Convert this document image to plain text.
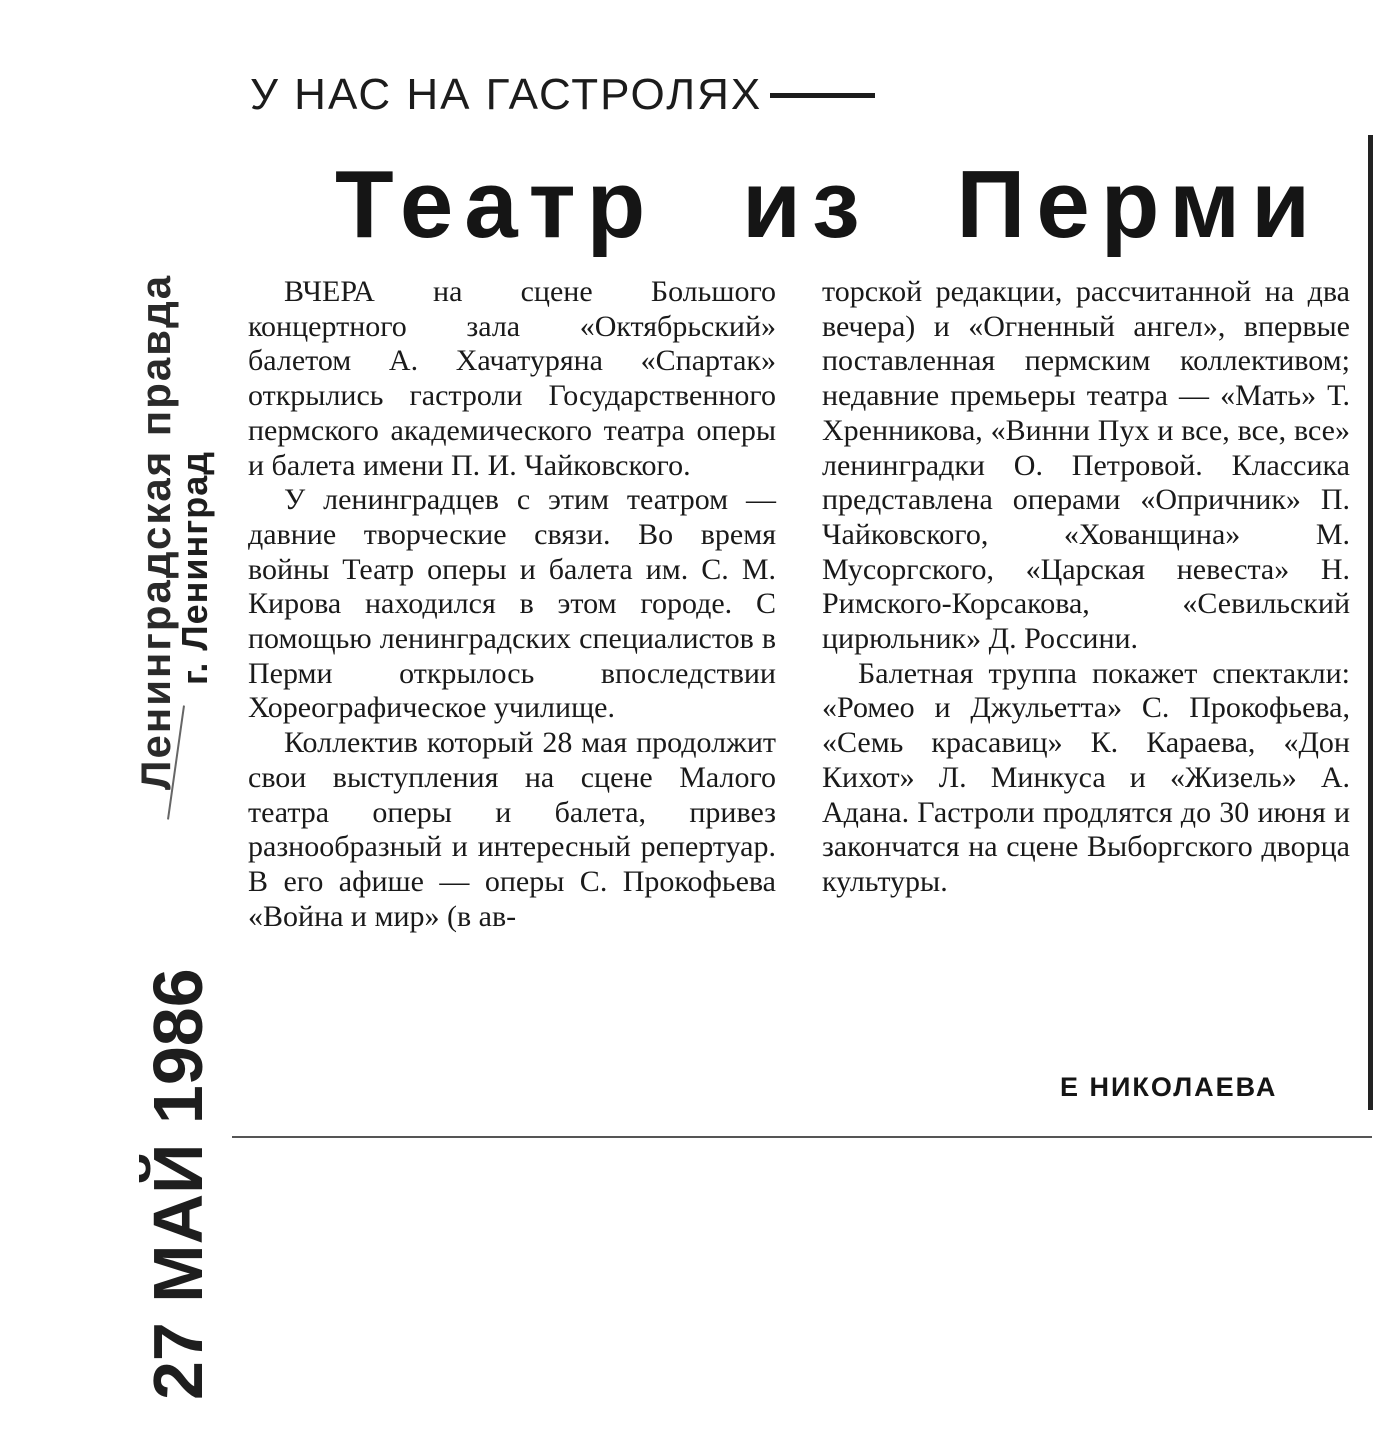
27 МАЙ 1986
Ленинградская правда
г. Ленинград
У НАС НА ГАСТРОЛЯХ
Театр из Перми

ВЧЕРА на сцене Большого концертного зала «Октябрьский» балетом А. Хачатуряна «Спартак» открылись гастроли Государственного пермского академического театра оперы и балета имени П. И. Чайковского.

У ленинградцев с этим театром — давние творческие связи. Во время войны Театр оперы и балета им. С. М. Кирова находился в этом городе. С помощью ленинградских специалистов в Перми открылось впоследствии Хореографическое училище.

Коллектив который 28 мая продолжит свои выступления на сцене Малого театра оперы и балета, привез разнообразный и интересный репертуар. В его афише — оперы С. Прокофьева «Война и мир» (в ав-

торской редакции, рассчитанной на два вечера) и «Огненный ангел», впервые поставленная пермским коллективом; недавние премьеры театра — «Мать» Т. Хренникова, «Винни Пух и все, все, все» ленинградки О. Петровой. Классика представлена операми «Опричник» П. Чайковского, «Хованщина» М. Мусоргского, «Царская невеста» Н. Римского-Корсакова, «Севильский цирюльник» Д. Россини.

Балетная труппа покажет спектакли: «Ромео и Джульетта» С. Прокофьева, «Семь красавиц» К. Караева, «Дон Кихот» Л. Минкуса и «Жизель» А. Адана. Гастроли продлятся до 30 июня и закончатся на сцене Выборгского дворца культуры.

Е НИКОЛАЕВА
